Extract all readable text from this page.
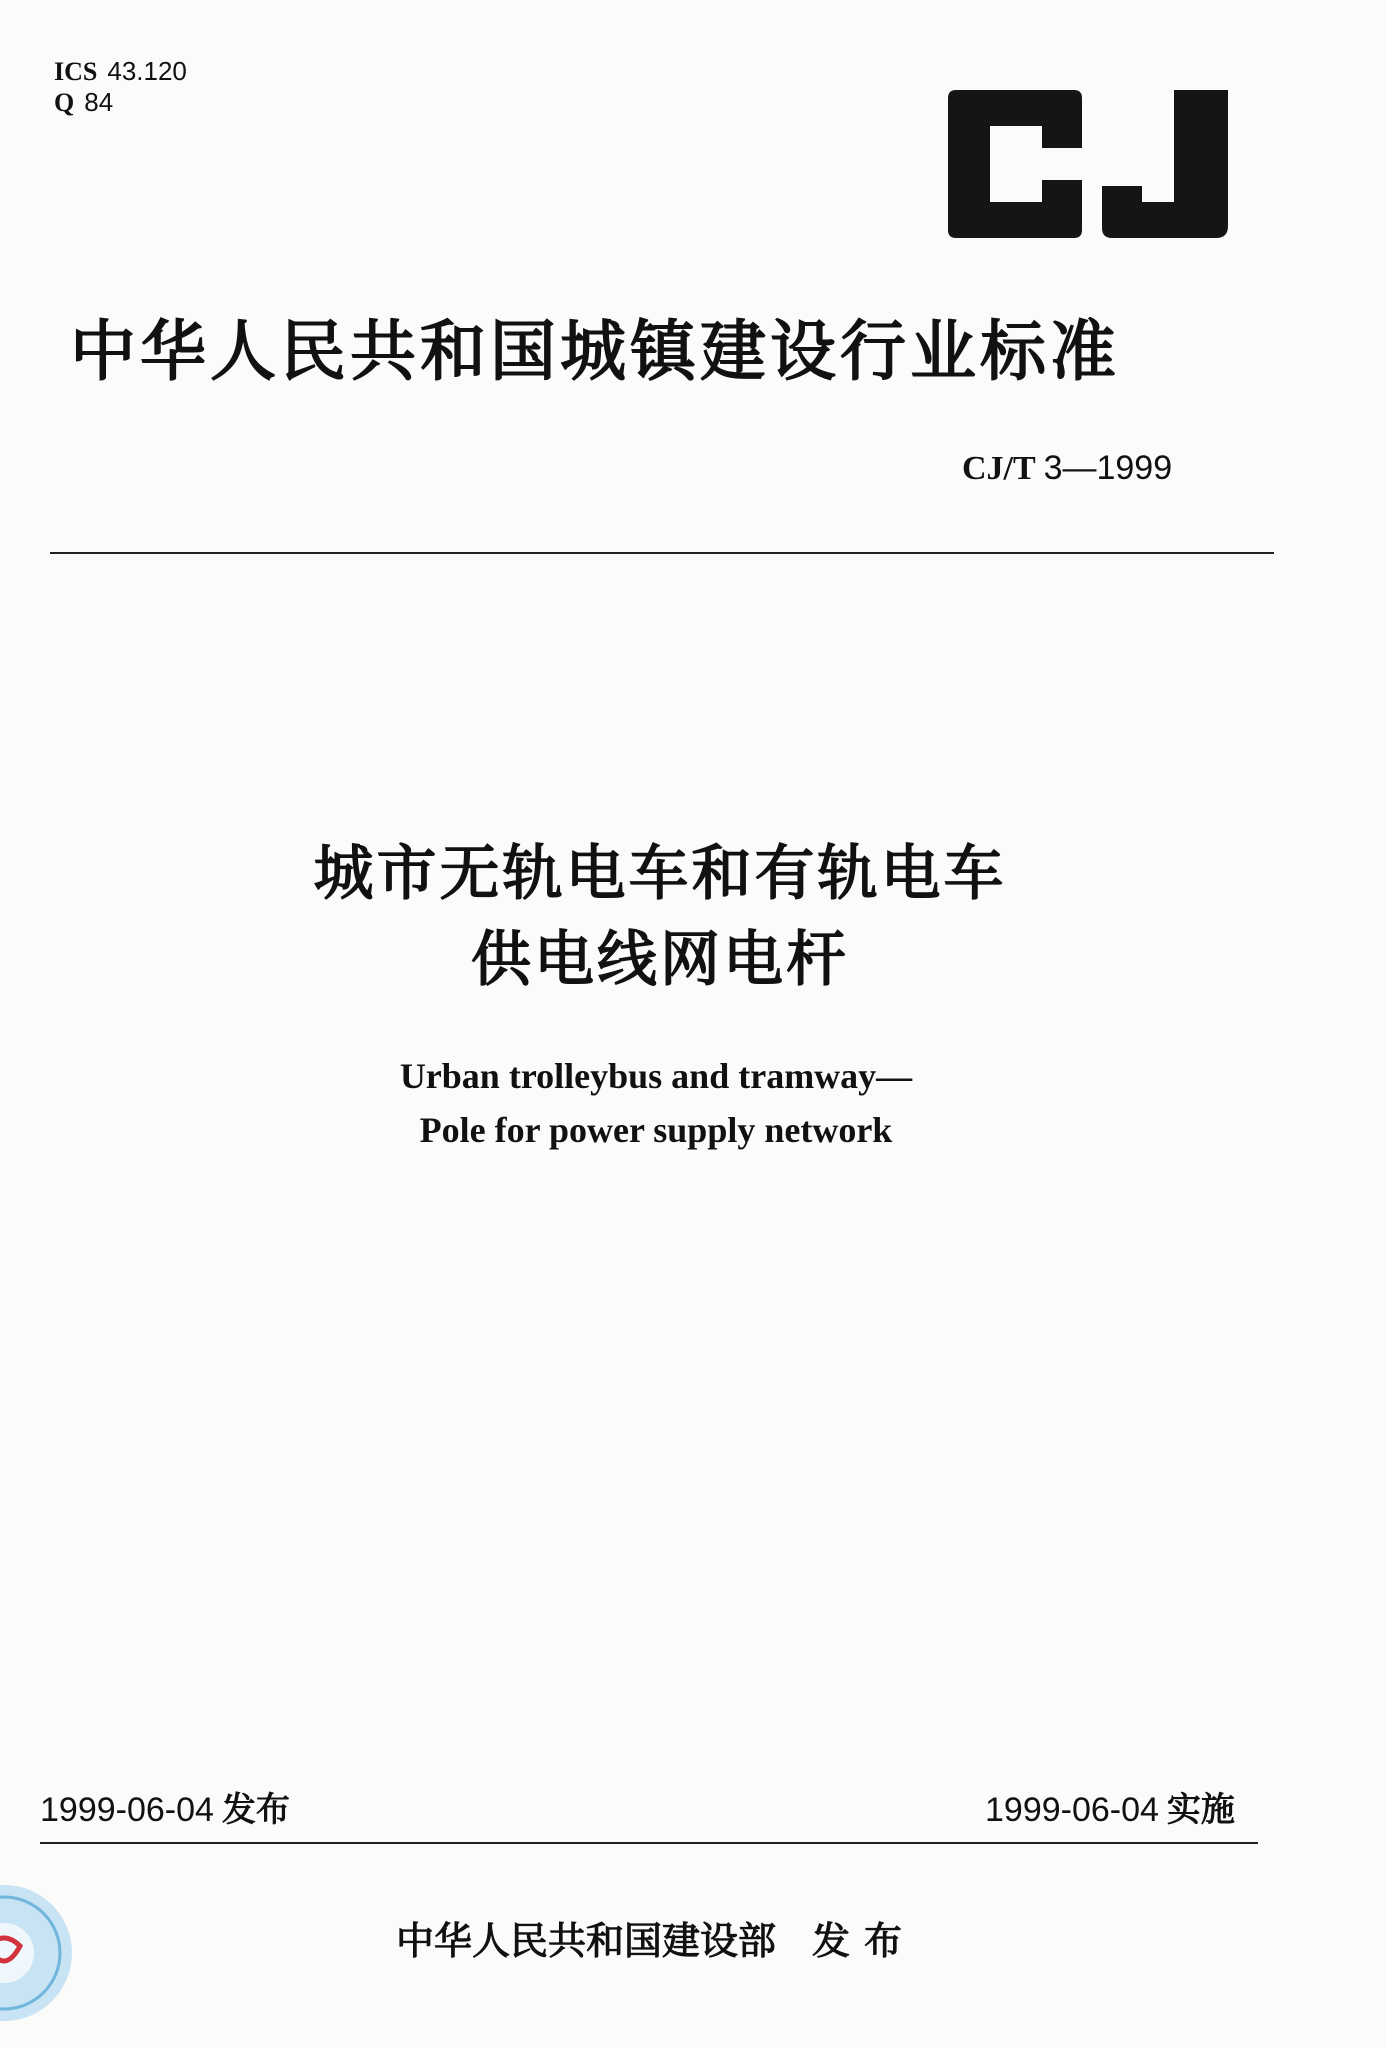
ICS 43.120
Q 84
中华人民共和国城镇建设行业标准
CJ/T 3—1999
城市无轨电车和有轨电车
供电线网电杆
Urban trolleybus and tramway—
Pole for power supply network
1999-06-04 发布	1999-06-04 实施
中华人民共和国建设部 发布
